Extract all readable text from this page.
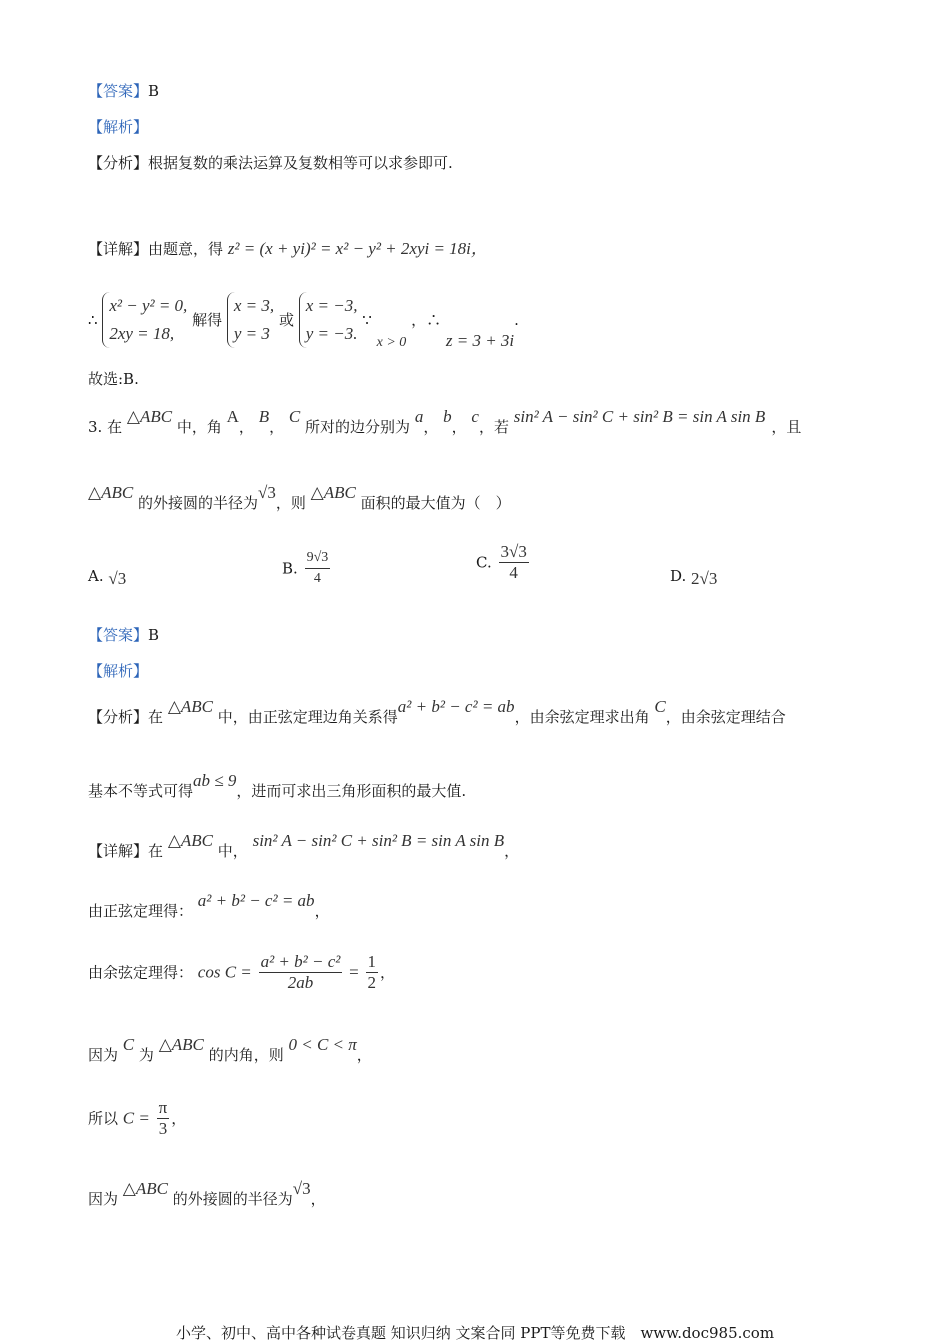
【答案】B
【解析】
【分析】根据复数的乘法运算及复数相等可以求参即可.
【详解】由题意，得 z² = (x + yi)² = x² − y² + 2xyi = 18i，
∴
x² − y² = 0,
2xy = 18,
解得
x = 3,
y = 3
或
x = −3,
y = −3.
∵ x > 0 ，∴ z = 3 + 3i.
故选:B.
3. 在 △ABC 中，角 A， B， C 所对的边分别为 a， b， c，若 sin² A − sin² C + sin² B = sin A sin B，且
△ABC 的外接圆的半径为√3，则 △ABC 面积的最大值为（　）
A. √3
B. $\frac{9√3}{4}$	C. $\frac{3√3}{4}$	D. 2√3
【答案】B
【解析】
【分析】在 △ABC 中，由正弦定理边角关系得a² + b² − c² = ab，由余弦定理求出角 C，由余弦定理结合
基本不等式可得ab ≤ 9，进而可求出三角形面积的最大值.
【详解】在 △ABC 中， sin² A − sin² C + sin² B = sin A sin B，
由正弦定理得： a² + b² − c² = ab，
由余弦定理得： $\cos C = \frac{\text{a² + b² − c²}}{2ab} = \frac{1}{2}$ ，
因为 C 为 △ABC 的内角，则 0 < C < π，
所以 $C = \frac{\pi}{3}$ ，
因为 △ABC 的外接圆的半径为√3，
小学、初中、高中各种试卷真题 知识归纳 文案合同 PPT等免费下载　www.doc985.com
